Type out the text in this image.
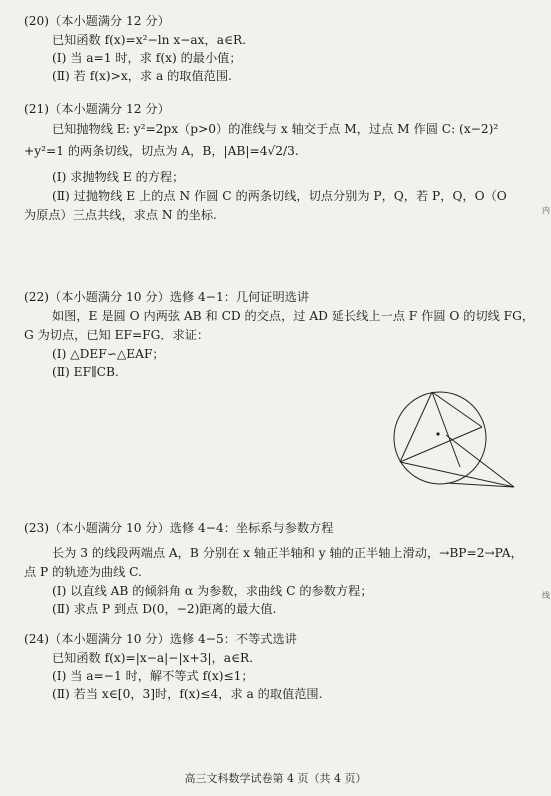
(20)（本小题满分 12 分）
已知函数 f(x)=x²−ln x−ax，a∈R.
(Ⅰ) 当 a=1 时，求 f(x) 的最小值；
(Ⅱ) 若 f(x)>x，求 a 的取值范围.
(21)（本小题满分 12 分）
已知抛物线 E: y²=2px（p>0）的准线与 x 轴交于点 M，过点 M 作圆 C: (x−2)²
+y²=1 的两条切线，切点为 A，B，|AB|=4√2/3.
(Ⅰ) 求抛物线 E 的方程；
(Ⅱ) 过抛物线 E 上的点 N 作圆 C 的两条切线，切点分别为 P，Q，若 P，Q，O（O
为原点）三点共线，求点 N 的坐标.
(22)（本小题满分 10 分）选修 4−1：几何证明选讲
如图，E 是圆 O 内两弦 AB 和 CD 的交点，过 AD 延长线上一点 F 作圆 O 的切线 FG，
G 为切点，已知 EF=FG．求证：
(Ⅰ) △DEF∽△EAF；
(Ⅱ) EF∥CB.
(23)（本小题满分 10 分）选修 4−4：坐标系与参数方程
长为 3 的线段两端点 A，B 分别在 x 轴正半轴和 y 轴的正半轴上滑动，→BP=2→PA，
点 P 的轨迹为曲线 C.
(Ⅰ) 以直线 AB 的倾斜角 α 为参数，求曲线 C 的参数方程；
(Ⅱ) 求点 P 到点 D(0，−2)距离的最大值.
(24)（本小题满分 10 分）选修 4−5：不等式选讲
已知函数 f(x)=|x−a|−|x+3|，a∈R.
(Ⅰ) 当 a=−1 时，解不等式 f(x)≤1；
(Ⅱ) 若当 x∈[0，3]时，f(x)≤4，求 a 的取值范围.
高三文科数学试卷第 4 页（共 4 页）
内
线
